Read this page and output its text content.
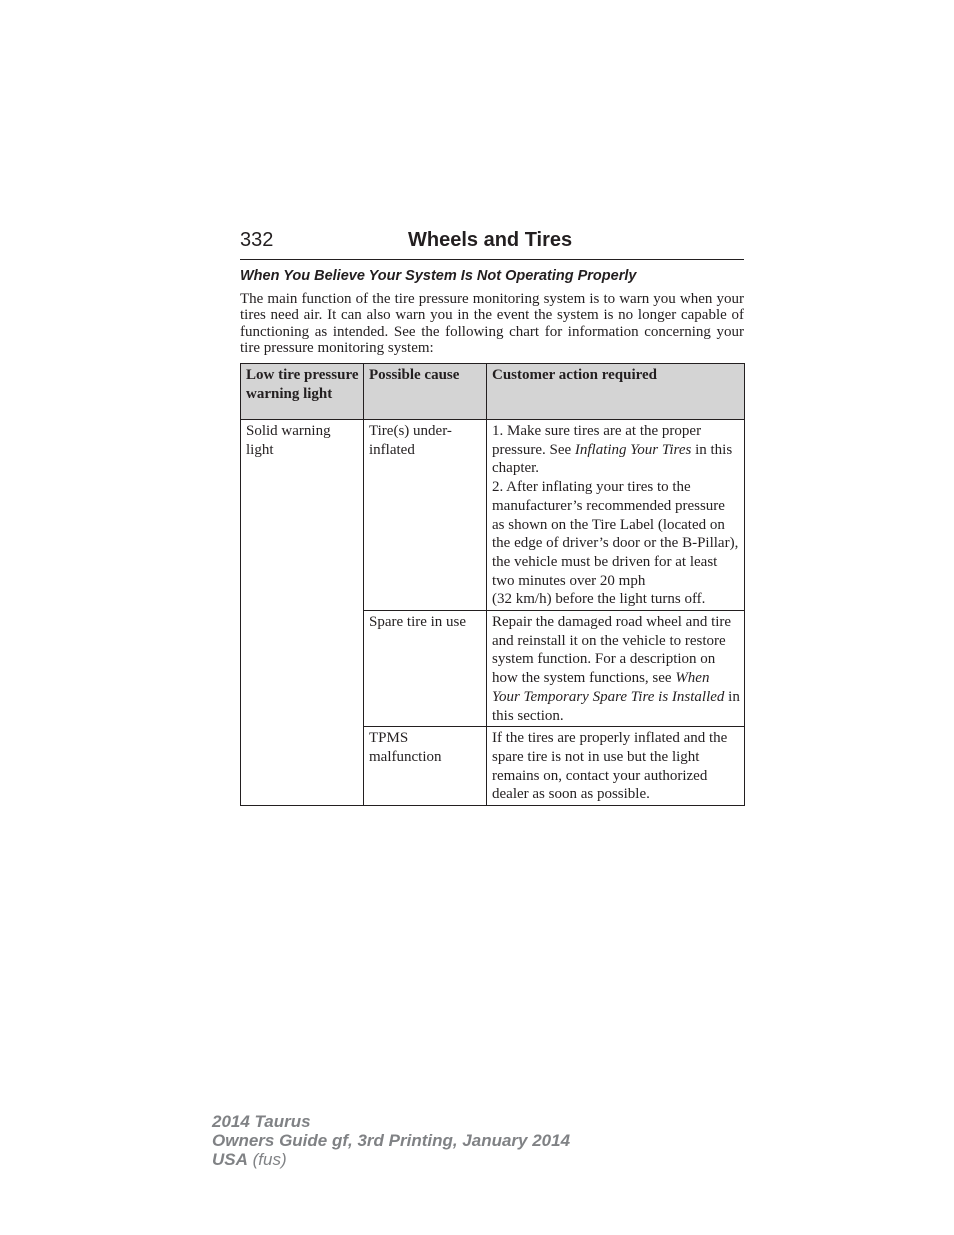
332	Wheels and Tires
When You Believe Your System Is Not Operating Properly

The main function of the tire pressure monitoring system is to warn you when your tires need air. It can also warn you in the event the system is no longer capable of functioning as intended. See the following chart for information concerning your tire pressure monitoring system:

Low tire pressure warning light	Possible cause	Customer action required
Solid warning light	Tire(s) under-inflated	1. Make sure tires are at the proper pressure. See Inflating Your Tires in this chapter.
2. After inflating your tires to the manufacturer’s recommended pressure as shown on the Tire Label (located on the edge of driver’s door or the B-Pillar), the vehicle must be driven for at least two minutes over 20 mph
(32 km/h) before the light turns off.

	Spare tire in use	Repair the damaged road wheel and tire and reinstall it on the vehicle to restore system function. For a description on how the system functions, see When Your Temporary Spare Tire is Installed in this section.
	TPMS malfunction	If the tires are properly inflated and the spare tire is not in use but the light remains on, contact your authorized dealer as soon as possible.
2014 Taurus
Owners Guide gf, 3rd Printing, January 2014
USA (fus)
